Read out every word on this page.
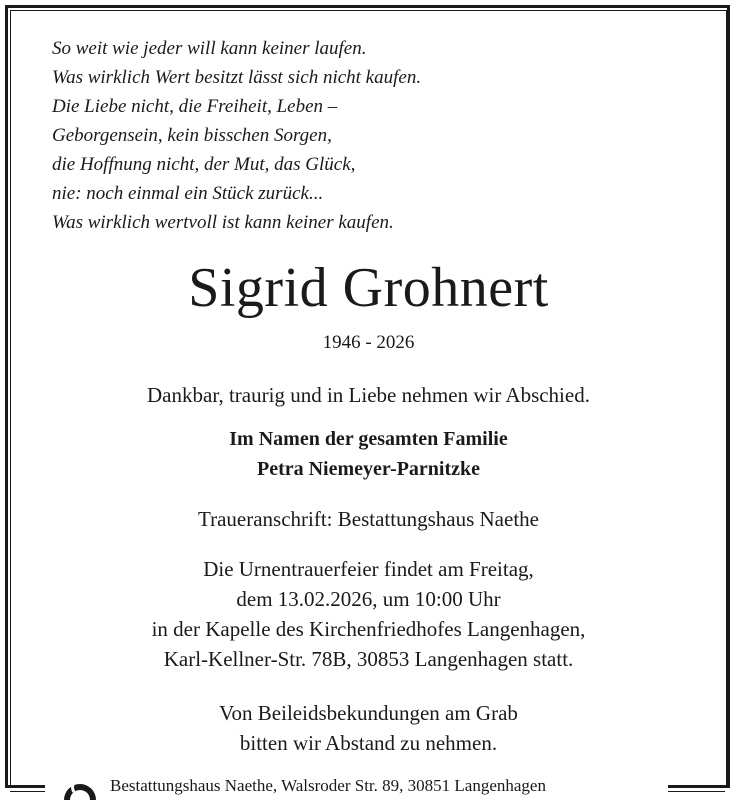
So weit wie jeder will kann keiner laufen.
Was wirklich Wert besitzt lässt sich nicht kaufen.
Die Liebe nicht, die Freiheit, Leben –
Geborgensein, kein bisschen Sorgen,
die Hoffnung nicht, der Mut, das Glück,
nie: noch einmal ein Stück zurück...
Was wirklich wertvoll ist kann keiner kaufen.
Sigrid Grohnert
1946 - 2026
Dankbar, traurig und in Liebe nehmen wir Abschied.
Im Namen der gesamten Familie
Petra Niemeyer-Parnitzke
Traueranschrift: Bestattungshaus Naethe
Die Urnentrauerfeier findet am Freitag,
dem 13.02.2026, um 10:00 Uhr
in der Kapelle des Kirchenfriedhofes Langenhagen,
Karl-Kellner-Str. 78B, 30853 Langenhagen statt.
Von Beileidsbekundungen am Grab
bitten wir Abstand zu nehmen.
Bestattungshaus Naethe, Walsroder Str. 89, 30851 Langenhagen
